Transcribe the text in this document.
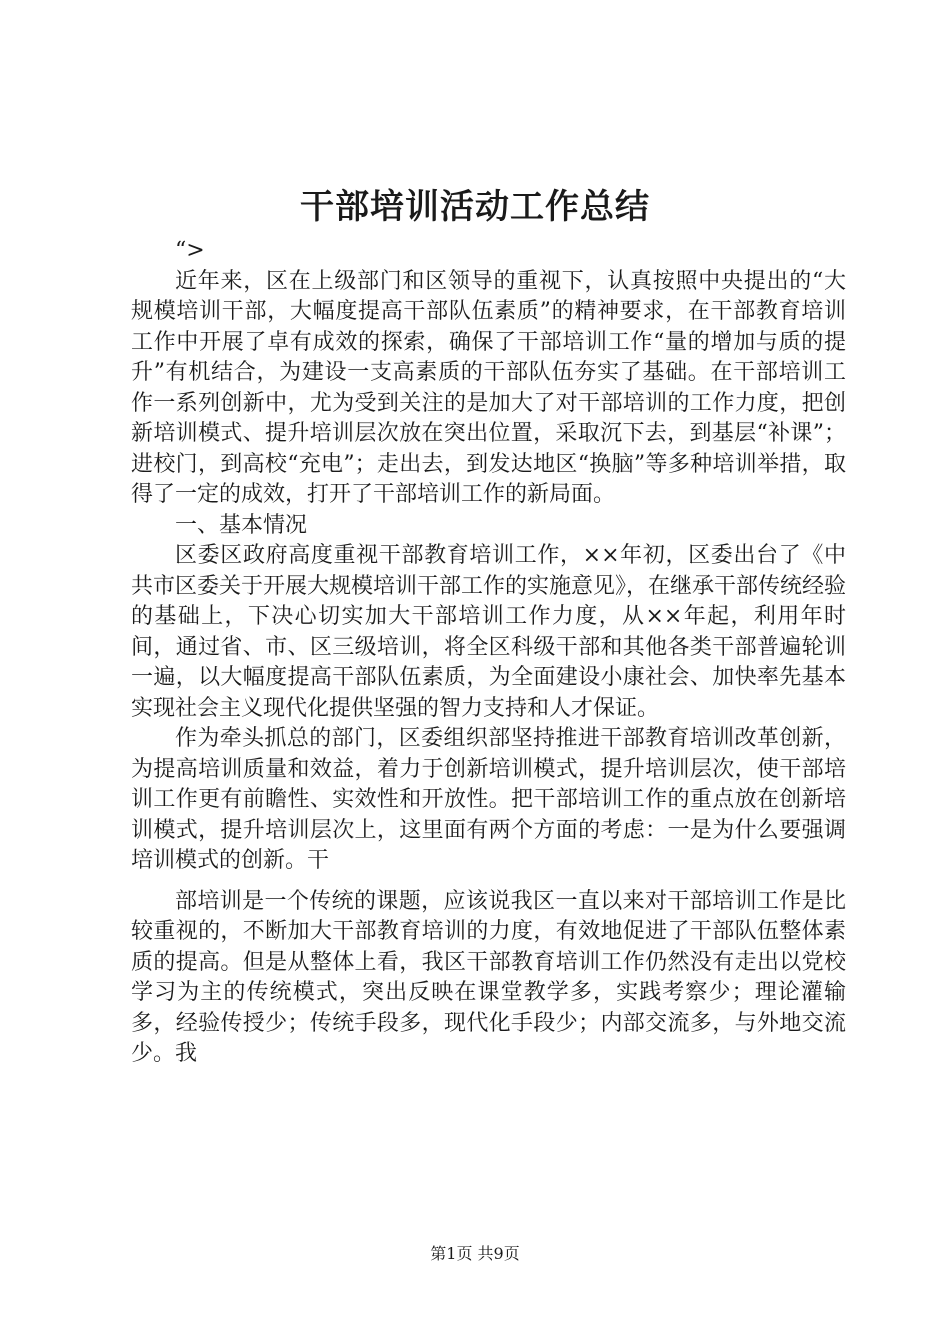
干部培训活动工作总结

“>

近年来，区在上级部门和区领导的重视下，认真按照中央提出的“大规模培训干部，大幅度提高干部队伍素质”的精神要求，在干部教育培训工作中开展了卓有成效的探索，确保了干部培训工作“量的增加与质的提升”有机结合，为建设一支高素质的干部队伍夯实了基础。在干部培训工作一系列创新中，尤为受到关注的是加大了对干部培训的工作力度，把创新培训模式、提升培训层次放在突出位置，采取沉下去，到基层“补课”；进校门，到高校“充电”；走出去，到发达地区“换脑”等多种培训举措，取得了一定的成效，打开了干部培训工作的新局面。

一、基本情况

区委区政府高度重视干部教育培训工作，××年初，区委出台了《中共市区委关于开展大规模培训干部工作的实施意见》，在继承干部传统经验的基础上，下决心切实加大干部培训工作力度，从××年起，利用年时间，通过省、市、区三级培训，将全区科级干部和其他各类干部普遍轮训一遍，以大幅度提高干部队伍素质，为全面建设小康社会、加快率先基本实现社会主义现代化提供坚强的智力支持和人才保证。

作为牵头抓总的部门，区委组织部坚持推进干部教育培训改革创新，为提高培训质量和效益，着力于创新培训模式，提升培训层次，使干部培训工作更有前瞻性、实效性和开放性。把干部培训工作的重点放在创新培训模式，提升培训层次上，这里面有两个方面的考虑：一是为什么要强调培训模式的创新。干

部培训是一个传统的课题，应该说我区一直以来对干部培训工作是比较重视的，不断加大干部教育培训的力度，有效地促进了干部队伍整体素质的提高。但是从整体上看，我区干部教育培训工作仍然没有走出以党校学习为主的传统模式，突出反映在课堂教学多，实践考察少；理论灌输多，经验传授少；传统手段多，现代化手段少；内部交流多，与外地交流少。我

第1页 共9页
